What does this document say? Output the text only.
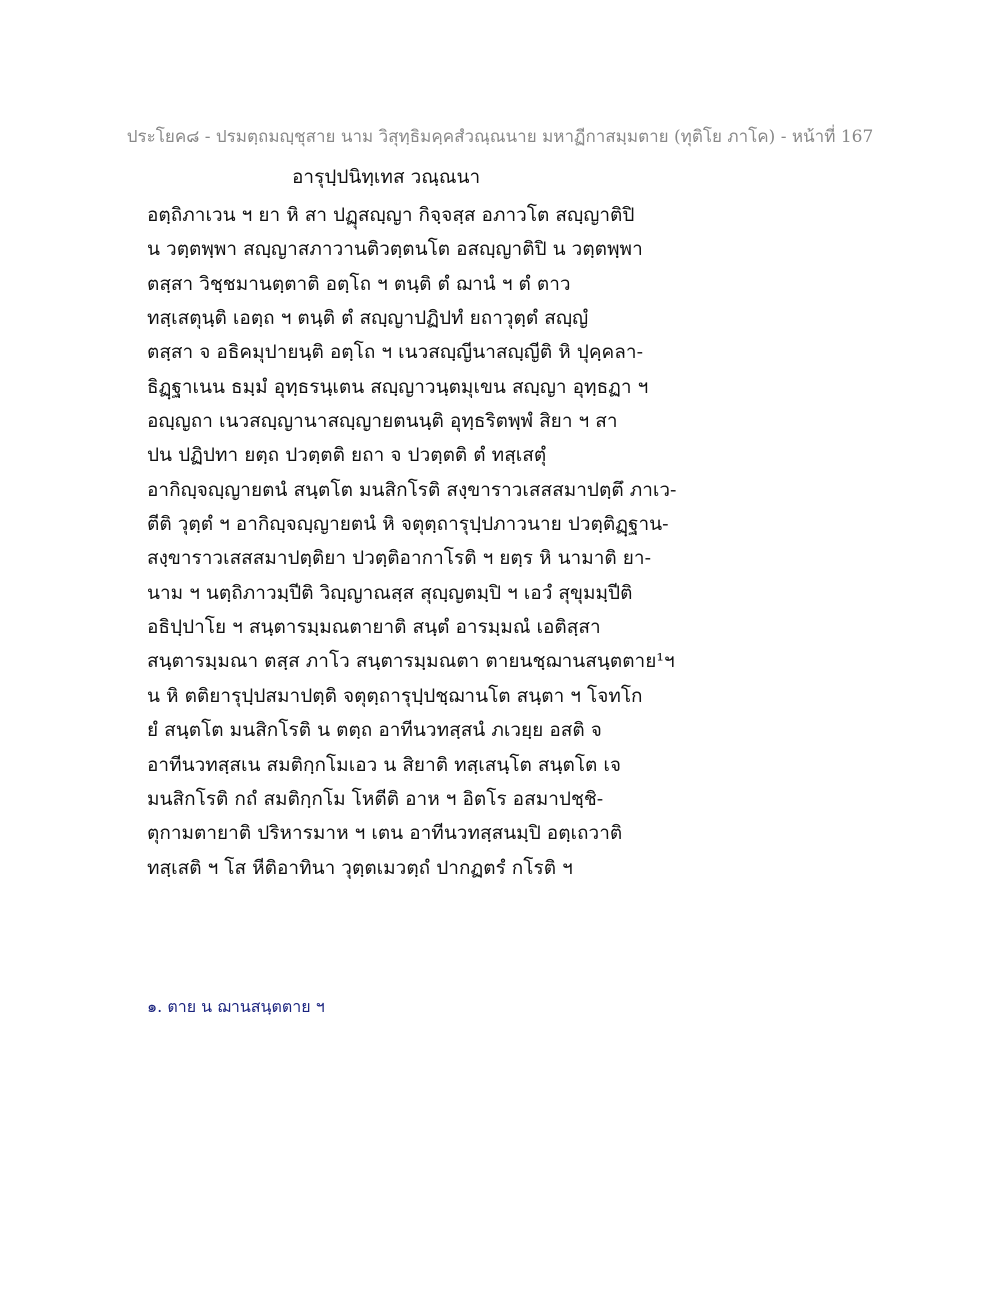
ประโยค๘ - ปรมตฺถมญฺชุสาย นาม วิสุทฺธิมคฺคสํวณฺณนาย มหาฏีกาสมฺมตาย (ทุติโย ภาโค) - หน้าที่ 167
อารุปฺปนิทฺเทส วณฺณนา
อตฺถิภาเวน ฯ ยา หิ สา ปฏุสญฺญา กิจฺจสฺส อภาวโต สญฺญาติปิ
น วตฺตพฺพา สญฺญาสภาวานติวตฺตนโต อสญฺญาติปิ น วตฺตพฺพา
ตสฺสา วิชฺชมานตฺตาติ อตฺโถ ฯ ตนฺติ ตํ ฌานํ ฯ ตํ ตาว
ทสฺเสตุนฺติ เอตฺถ ฯ ตนฺติ ตํ สญฺญาปฏิปทํ ยถาวุตฺตํ สญฺญํ
ตสฺสา จ อธิคมุปายนฺติ อตฺโถ ฯ เนวสญฺญีนาสญฺญีติ หิ ปุคฺคลา-
ธิฏฺฐาเนน ธมฺมํ อุทฺธรนฺเตน สญฺญาวนฺตมุเขน สญฺญา อุทฺธฏา ฯ
อญฺญถา เนวสญฺญานาสญฺญายตนนฺติ อุทฺธริตพฺพํ สิยา ฯ สา
ปน ปฏิปทา ยตฺถ ปวตฺตติ ยถา จ ปวตฺตติ ตํ ทสฺเสตุํ
อากิญฺจญฺญายตนํ สนฺตโต มนสิกโรติ สงฺขาราวเสสสมาปตฺตึ ภาเว-
ตีติ วุตฺตํ ฯ อากิญฺจญฺญายตนํ หิ จตุตฺถารุปฺปภาวนาย ปวตฺติฏฺฐาน-
สงฺขาราวเสสสมาปตฺติยา ปวตฺติอากาโรติ ฯ ยตฺร หิ นามาติ ยา-
นาม ฯ นตฺถิภาวมฺปีติ วิญฺญาณสฺส สุญฺญตมฺปิ ฯ เอวํ สุขุมมฺปีติ
อธิปฺปาโย ฯ สนฺตารมฺมณตายาติ สนฺตํ อารมฺมณํ เอติสฺสา
สนฺตารมฺมณา ตสฺส ภาโว สนฺตารมฺมณตา ตายนชฺฌานสนฺตตาย¹ฯ
น หิ ตติยารุปฺปสมาปตฺติ จตุตฺถารุปฺปชฺฌานโต สนฺตา ฯ โจทโก
ยํ สนฺตโต มนสิกโรติ น ตตฺถ อาทีนวทสฺสนํ ภเวยฺย อสติ จ
อาทีนวทสฺสเน สมติกฺกโมเอว น สิยาติ ทสฺเสนฺโต สนฺตโต เจ
มนสิกโรติ กถํ สมติกฺกโม โหตีติ อาห ฯ อิตโร อสมาปชฺชิ-
ตุกามตายาติ ปริหารมาห ฯ เตน อาทีนวทสฺสนมฺปิ อตฺเถวาติ
ทสฺเสติ ฯ โส หีติอาทินา วุตฺตเมวตฺถํ ปากฏตรํ กโรติ ฯ
๑. ตาย น ฌานสนฺตตาย ฯ
